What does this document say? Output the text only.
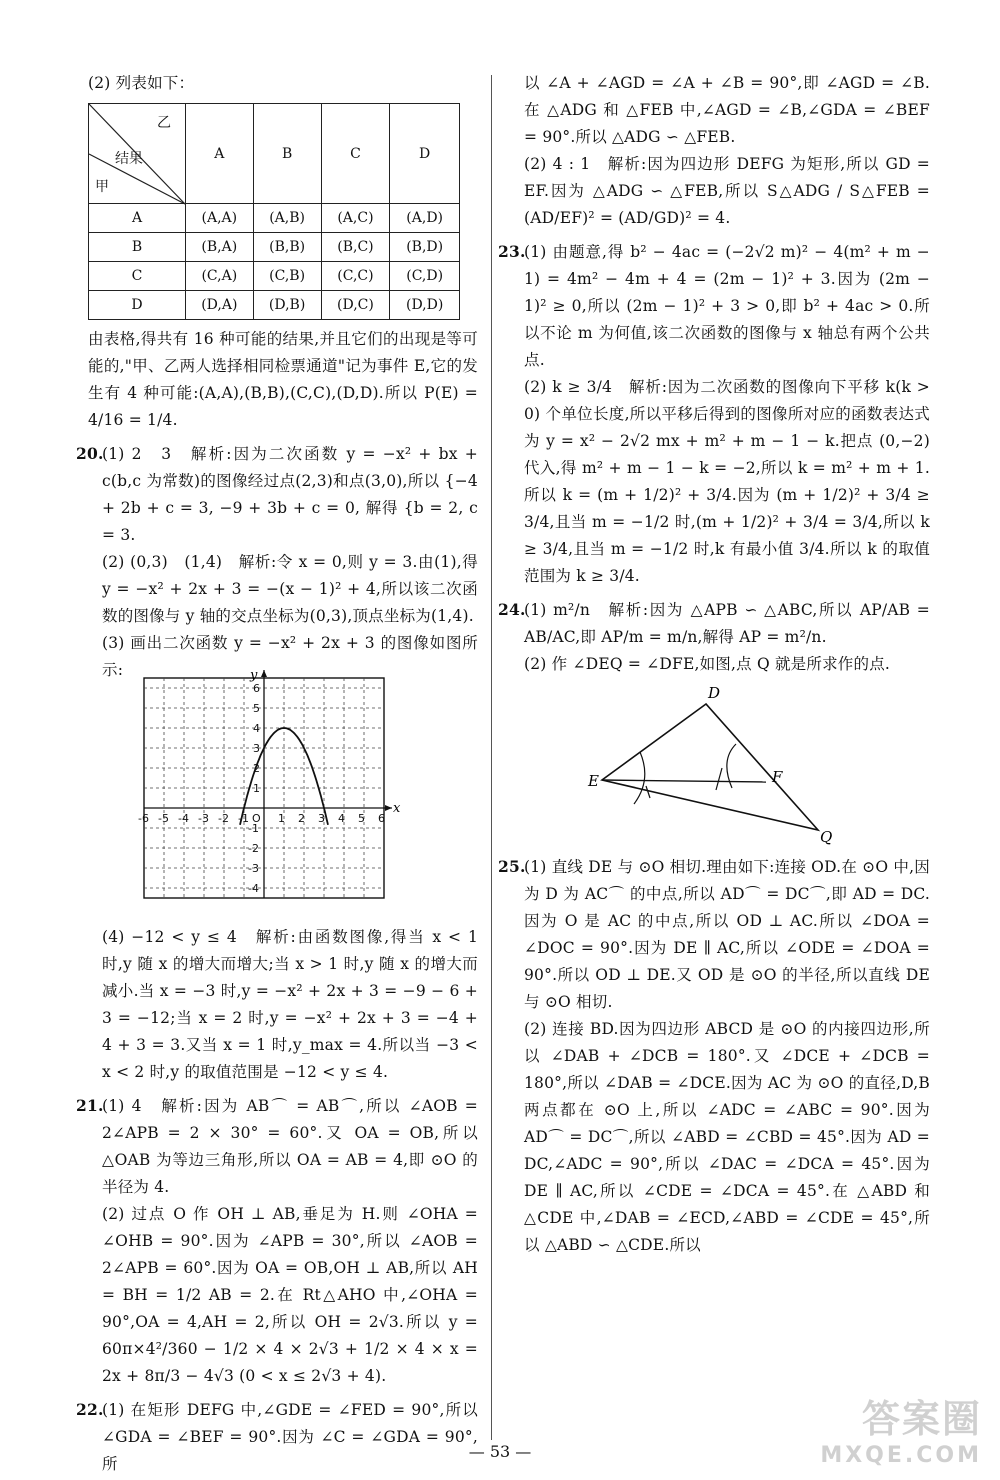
(2) 列表如下：

乙
结果
甲	A	B	C	D
A	(A,A)	(A,B)	(A,C)	(A,D)
B	(B,A)	(B,B)	(B,C)	(B,D)
C	(C,A)	(C,B)	(C,C)	(C,D)
D	(D,A)	(D,B)	(D,C)	(D,D)

由表格,得共有 16 种可能的结果,并且它们的出现是等可能的,"甲、乙两人选择相同检票通道"记为事件 E,它的发生有 4 种可能:(A,A),(B,B),(C,C),(D,D).所以 P(E) = 4/16 = 1/4.

20.(1) 2　3　解析:因为二次函数 y = −x² + bx + c(b,c 为常数)的图像经过点(2,3)和点(3,0),所以 {−4 + 2b + c = 3, −9 + 3b + c = 0, 解得 {b = 2, c = 3.

(2) (0,3)　(1,4)　解析:令 x = 0,则 y = 3.由(1),得 y = −x² + 2x + 3 = −(x − 1)² + 4,所以该二次函数的图像与 y 轴的交点坐标为(0,3),顶点坐标为(1,4).

(3) 画出二次函数 y = −x² + 2x + 3 的图像如图所示:

x
y
-6 -5 -4 -3 -2 -1 O 1 2 3 4 5 6
6
5
4
3
2
1
-1
-2
-3
-4

(4) −12 < y ≤ 4　解析:由函数图像,得当 x < 1 时,y 随 x 的增大而增大;当 x > 1 时,y 随 x 的增大而减小.当 x = −3 时,y = −x² + 2x + 3 = −9 − 6 + 3 = −12;当 x = 2 时,y = −x² + 2x + 3 = −4 + 4 + 3 = 3.又当 x = 1 时,y_max = 4.所以当 −3 < x < 2 时,y 的取值范围是 −12 < y ≤ 4.

21.(1) 4　解析:因为 AB⌒ = AB⌒,所以 ∠AOB = 2∠APB = 2 × 30° = 60°.又 OA = OB,所以 △OAB 为等边三角形,所以 OA = AB = 4,即 ⊙O 的半径为 4.

(2) 过点 O 作 OH ⊥ AB,垂足为 H.则 ∠OHA = ∠OHB = 90°.因为 ∠APB = 30°,所以 ∠AOB = 2∠APB = 60°.因为 OA = OB,OH ⊥ AB,所以 AH = BH = 1/2 AB = 2.在 Rt△AHO 中,∠OHA = 90°,OA = 4,AH = 2,所以 OH = 2√3.所以 y = 60π×4²/360 − 1/2 × 4 × 2√3 + 1/2 × 4 × x = 2x + 8π/3 − 4√3 (0 < x ≤ 2√3 + 4).

22.(1) 在矩形 DEFG 中,∠GDE = ∠FED = 90°,所以 ∠GDA = ∠BEF = 90°.因为 ∠C = ∠GDA = 90°,所

以 ∠A + ∠AGD = ∠A + ∠B = 90°,即 ∠AGD = ∠B.在 △ADG 和 △FEB 中,∠AGD = ∠B,∠GDA = ∠BEF = 90°.所以 △ADG ∽ △FEB.

(2) 4 : 1　解析:因为四边形 DEFG 为矩形,所以 GD = EF.因为 △ADG ∽ △FEB,所以 S△ADG / S△FEB = (AD/EF)² = (AD/GD)² = 4.

23.(1) 由题意,得 b² − 4ac = (−2√2 m)² − 4(m² + m − 1) = 4m² − 4m + 4 = (2m − 1)² + 3.因为 (2m − 1)² ≥ 0,所以 (2m − 1)² + 3 > 0,即 b² + 4ac > 0.所以不论 m 为何值,该二次函数的图像与 x 轴总有两个公共点.

(2) k ≥ 3/4　解析:因为二次函数的图像向下平移 k(k > 0) 个单位长度,所以平移后得到的图像所对应的函数表达式为 y = x² − 2√2 mx + m² + m − 1 − k.把点 (0,−2) 代入,得 m² + m − 1 − k = −2,所以 k = m² + m + 1.所以 k = (m + 1/2)² + 3/4.因为 (m + 1/2)² + 3/4 ≥ 3/4,且当 m = −1/2 时,(m + 1/2)² + 3/4 = 3/4,所以 k ≥ 3/4,且当 m = −1/2 时,k 有最小值 3/4.所以 k 的取值范围为 k ≥ 3/4.

24.(1) m²/n　解析:因为 △APB ∽ △ABC,所以 AP/AB = AB/AC,即 AP/m = m/n,解得 AP = m²/n.

(2) 作 ∠DEQ = ∠DFE,如图,点 Q 就是所求作的点.

D
E	F
Q

25.(1) 直线 DE 与 ⊙O 相切.理由如下:连接 OD.在 ⊙O 中,因为 D 为 AC⌒ 的中点,所以 AD⌒ = DC⌒,即 AD = DC.因为 O 是 AC 的中点,所以 OD ⊥ AC.所以 ∠DOA = ∠DOC = 90°.因为 DE ∥ AC,所以 ∠ODE = ∠DOA = 90°.所以 OD ⊥ DE.又 OD 是 ⊙O 的半径,所以直线 DE 与 ⊙O 相切.

(2) 连接 BD.因为四边形 ABCD 是 ⊙O 的内接四边形,所以 ∠DAB + ∠DCB = 180°.又 ∠DCE + ∠DCB = 180°,所以 ∠DAB = ∠DCE.因为 AC 为 ⊙O 的直径,D,B 两点都在 ⊙O 上,所以 ∠ADC = ∠ABC = 90°.因为 AD⌒ = DC⌒,所以 ∠ABD = ∠CBD = 45°.因为 AD = DC,∠ADC = 90°,所以 ∠DAC = ∠DCA = 45°.因为 DE ∥ AC,所以 ∠CDE = ∠DCA = 45°.在 △ABD 和 △CDE 中,∠DAB = ∠ECD,∠ABD = ∠CDE = 45°,所以 △ABD ∽ △CDE.所以

— 53 —
答案圈
MXQE.COM
